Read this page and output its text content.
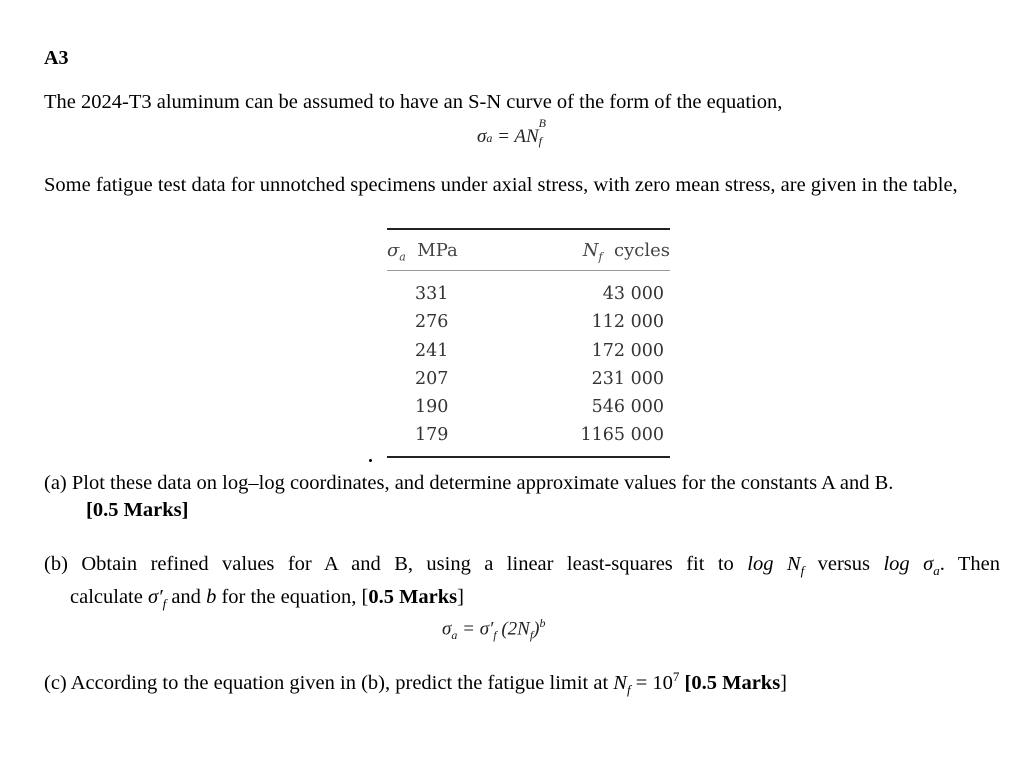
A3
The 2024-T3 aluminum can be assumed to have an S-N curve of the form of the equation,
σa = AN
B
f
Some fatigue test data for unnotched specimens under axial stress, with zero mean stress, are given in the table,
$\sigma_a$  MPa	$N_f$  cycles
331
276
241
207
190
179
43 000
112 000
172 000
231 000
546 000
1165 000
(a) Plot these data on log–log coordinates, and determine approximate values for the constants A and B.
[0.5 Marks]
(b) Obtain refined values for A and B, using a linear least-squares fit to $\log N_f$ versus $\log \sigma_a$. Then
calculate $\sigma'_f$ and b for the equation, [0.5 Marks]
$\sigma_a = \sigma'_f$ $(2N_f)^b$
(c) According to the equation given in (b), predict the fatigue limit at $N_f = 10^7$ [0.5 Marks]
